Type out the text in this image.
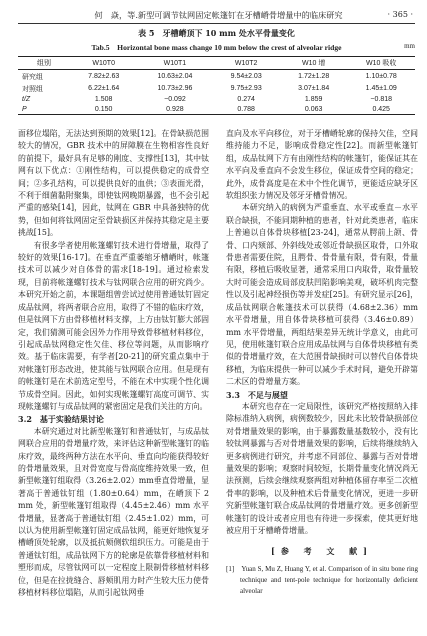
何　焱，等.新型可调节钛网固定帐篷钉在牙槽嵴骨增量中的临床研究	· 365 ·
表 5　牙槽嵴顶下 10 mm 处水平骨量变化
Tab.5　Horizontal bone mass change 10 mm below the crest of alveolar ridge	mm
组别	W10T0	W10T1	W10T2	W10 增	W10 吸收
研究组	7.82±2.63	10.63±2.04	9.54±2.03	1.72±1.28	1.10±0.78
对照组	6.22±1.64	10.73±2.96	9.75±2.93	3.07±1.84	1.45±1.09
t/Z	1.508	−0.092	0.274	1.859	−0.818
P	0.150	0.928	0.788	0.063	0.425

面移位塌陷，无法达到预期的效果[12]。在骨缺损范围较大的情况，GBR 技术中的屏障膜在生物相容性良好的前提下，最好具有足够的刚度、支撑性[13]，其中钛网有以下优点：①刚性结构，可以提供稳定的成骨空间；②多孔结构，可以提供良好的血供；③表面光滑，不利于细菌黏附聚集，即使钛网晚期暴露，也不会引起严重的感染[14]，因此，钛网在 GBR 中具备独特的优势，但如何将钛网固定至骨缺损区并保持其稳定是主要挑战[15]。

有很多学者使用帐篷螺钉技术进行骨增量，取得了较好的效果[16-17]。在垂直严重萎缩牙槽嵴时，帐篷技术可以减少对自体骨的需求[18-19]。通过检索发现，目前将帐篷螺钉技术与钛网联合应用的研究尚少。本研究开始之前，本课题组曾尝试过使用普通钛钉固定成品钛网，将两者联合应用，取得了不错的临床疗效，但是钛网下方由骨移植材料支撑，上方由钛钉膨大部固定，我们猜测可能会因外力作用导致骨移植材料移位，引起成品钛网稳定性欠佳、移位等问题，从而影响疗效。基于临床需要，有学者[20-21]的研究重点集中于对帐篷钉形态改进，使其能与钛网联合应用。但是现有的帐篷钉是在术前选定型号，不能在术中实现个性化调节成骨空间。因此，如何实现帐篷螺钉高度可调节、实现帐篷螺钉与成品钛网的紧密固定是我们关注的方向。

3.2　基于实验结果讨论

本研究通过对比新型帐篷钉和普通钛钉，与成品钛网联合应用的骨增量疗效，来评估这种新型帐篷钉的临床疗效，最终两种方法在水平向、垂直向均能获得较好的骨增量效果，且对骨宽度与骨高度维持效果一致，但新型帐篷钉组取得（3.26±2.02）mm垂直骨增量，显著高于普通钛钉组（1.80±0.64）mm，在嵴顶下 2 mm 处，新型帐篷钉组取得（4.45±2.46）mm 水平骨增量，显著高于普通钛钉组（2.45±1.02）mm，可以认为使用新型帐篷钉固定成品钛网，能更好地恢复牙槽嵴顶处轮廓，以及抵抗颊侧软组织压力。可能是由于普通钛钉组，成品钛网下方的轮廓是依靠骨移植材料和塑形而成，尽管钛网可以一定程度上限制骨移植材料移位，但是在拉拢缝合、唇颊肌用力时产生较大压力使骨移植材料移位塌陷，从而引起钛网垂

直向及水平向移位，对于牙槽嵴轮廓的保持欠佳，空间维持能力不足，影响成骨稳定性[22]。而新型帐篷钉组，成品钛网下方有由刚性结构的帐篷钉，能保证其在水平向及垂直向不会发生移位，保证成骨空间的稳定；此外，成骨高度是在术中个性化调节，更能适应缺牙区软组织张力情况及邻牙牙槽骨情况。

本研究纳入的病例为严重垂直、水平或垂直－水平联合缺损，不能同期种植的患者，针对此类患者，临床上普遍以自体骨块移植[23-24]，通常从腭前上颌、骨骨、口内颏部、外斜线处或邻近骨缺损区取骨，口外取骨患者需要住院，且腭骨、骨骨量有限，骨有限，骨量有限，移植后吸收显著，通常采用口内取骨，取骨量较大时可能会造成局部皮肤凹陷影响美观，破坏机肉完整性以及引起神经损伤等并发症[25]。有研究显示[26]，成品钛网联合帐篷技术可以获得（4.68±2.36）mm 水平骨增量，用自体骨块移植可获得（3.46±0.89）mm 水平骨增量，两组结果差异无统计学意义，由此可见，使用帐篷钉联合应用成品钛网与自体骨块移植有类似的骨增量疗效，在大范围骨缺损时可以替代自体骨块移植，为临床提供一种可以减少手术时间，避免开辟第二术区的骨增量方案。

3.3　不足与展望

本研究也存在一定局限性，该研究严格按照纳入排除标准纳入病例，病例数较少，因此未比较骨缺损部位对骨增量效果的影响，由于暴露数量基数较小，没有比较钛网暴露与否对骨增量效果的影响，后续将继续纳入更多病例进行研究，并考虑不同部位、暴露与否对骨增量效果的影响；观察时间较短，长期骨量变化情况尚无法预测，后续会继续观察两组对种植体留存率至二次植骨率的影响，以及种植术后骨量变化情况，更进一步研究新型帐篷钉联合成品钛网的骨增量疗效。更多创新型帐篷钉的设计或者应用也有待进一步探索，使其更好地被应用于牙槽嵴骨增量。

[参 考 文 献]
[1]　Yuan S, Mu Z, Huang Y, et al. Comparison of in situ bone ring technique and tent-pole technique for horizontally deficient alveolar
